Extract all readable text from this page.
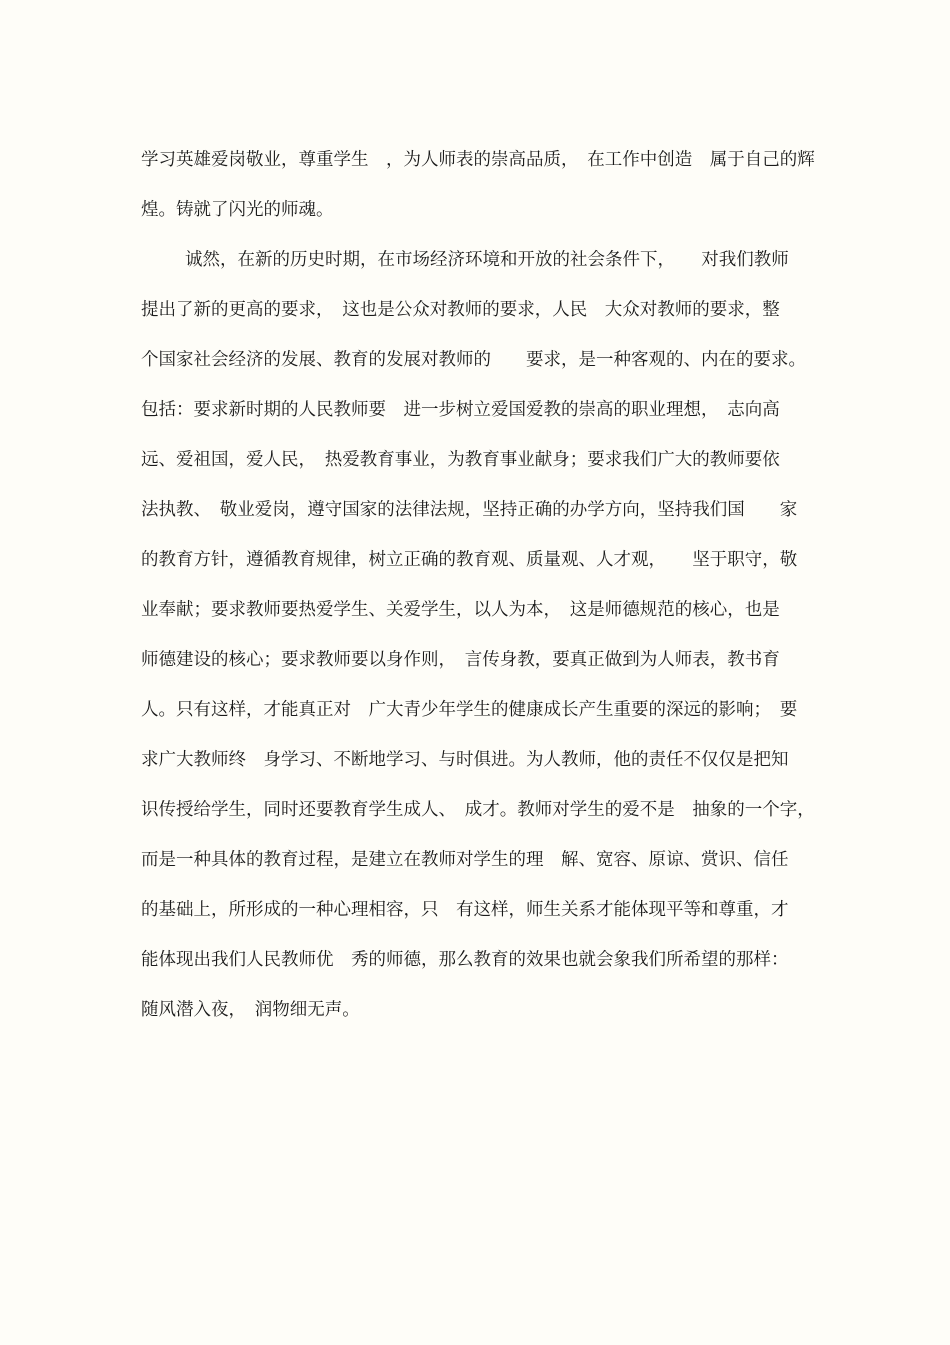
学习英雄爱岗敬业，尊重学生　，为人师表的崇高品质，　在工作中创造　属于自己的辉
煌。铸就了闪光的师魂。
诚然，在新的历史时期，在市场经济环境和开放的社会条件下，　　对我们教师
提出了新的更高的要求，　这也是公众对教师的要求，人民　大众对教师的要求，整
个国家社会经济的发展、教育的发展对教师的　　要求，是一种客观的、内在的要求。
包括：要求新时期的人民教师要　进一步树立爱国爱教的崇高的职业理想，　志向高
远、爱祖国，爱人民，　热爱教育事业，为教育事业献身；要求我们广大的教师要依
法执教、　敬业爱岗，遵守国家的法律法规，坚持正确的办学方向，坚持我们国　　家
的教育方针，遵循教育规律，树立正确的教育观、质量观、人才观，　　坚于职守，敬
业奉献；要求教师要热爱学生、关爱学生，以人为本，　这是师德规范的核心，也是
师德建设的核心；要求教师要以身作则，　言传身教，要真正做到为人师表，教书育
人。只有这样，才能真正对　广大青少年学生的健康成长产生重要的深远的影响；　要
求广大教师终　身学习、不断地学习、与时俱进。为人教师，他的责任不仅仅是把知
识传授给学生，同时还要教育学生成人、　成才。教师对学生的爱不是　抽象的一个字，
而是一种具体的教育过程，是建立在教师对学生的理　解、宽容、原谅、赏识、信任
的基础上，所形成的一种心理相容，只　有这样，师生关系才能体现平等和尊重，才
能体现出我们人民教师优　秀的师德，那么教育的效果也就会象我们所希望的那样：
随风潜入夜，　润物细无声。
